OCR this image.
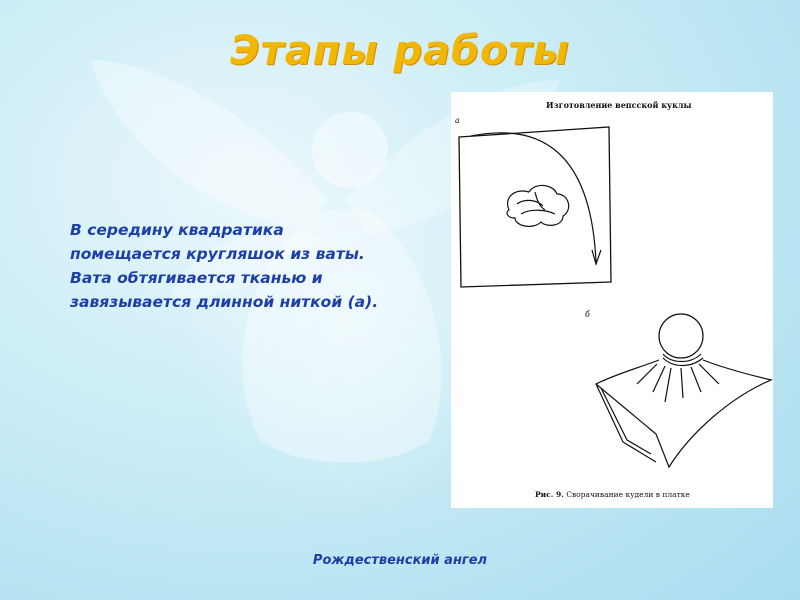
Этапы работы
В середину квадратика
помещается кругляшок из ваты.
Вата обтягивается тканью и
завязывается длинной ниткой (а).
Изготовление вепсской куклы
а
б
Рис. 9. Сворачивание кудели в платке
Рождественский ангел
